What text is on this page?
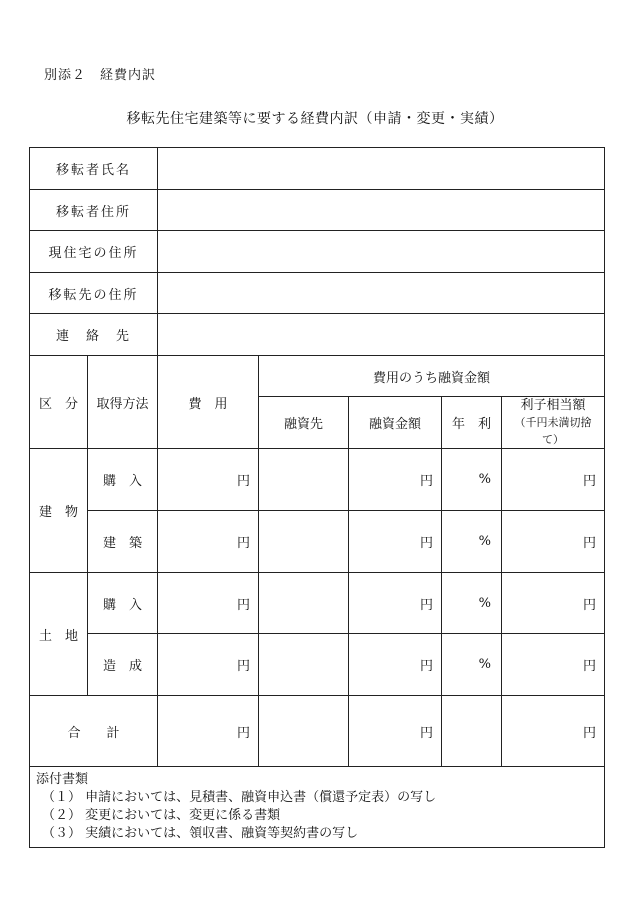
別添２　経費内訳
移転先住宅建築等に要する経費内訳（申請・変更・実績）
移転者氏名						
移転者住所						
現住宅の住所						
移転先の住所						
連　絡　先						
区　分	取得方法	費　用	費用のうち融資金額			
			融資先	融資金額	年　利	利子相当額
（千円未満切捨て）

建　物	購　入	円		円	%	円
	建　築	円		円	%	円
土　地	購　入	円		円	%	円
	造　成	円		円	%	円
合　　計		円		円		円

添付書類
（１） 申請においては、見積書、融資申込書（償還予定表）の写し
（２） 変更においては、変更に係る書類
（３） 実績においては、領収書、融資等契約書の写し						
